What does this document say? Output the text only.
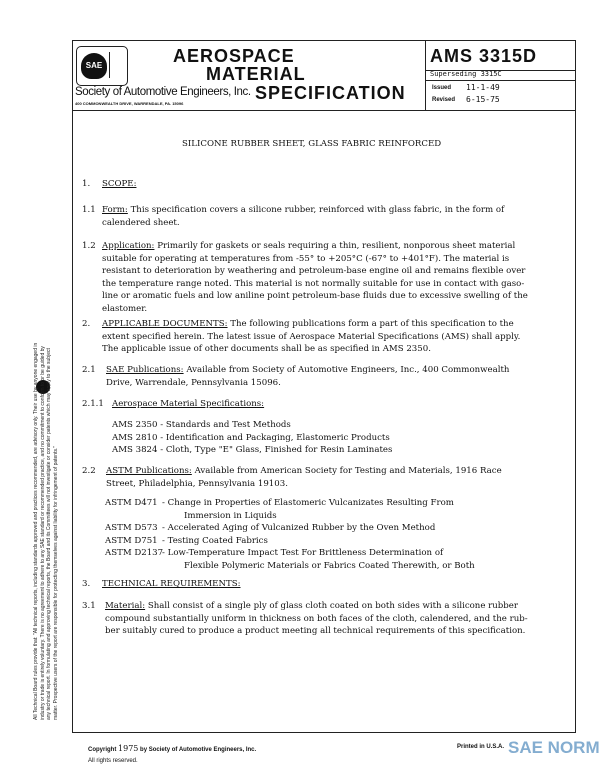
SAE	AEROSPACE
MATERIAL
SPECIFICATION
Society of Automotive Engineers, Inc.
400 COMMONWEALTH DRIVE, WARRENDALE, PA. 15096
AMS 3315D
Superseding 3315C
Issued 11-1-49
Revised 6-15-75
SILICONE RUBBER SHEET, GLASS FABRIC REINFORCED
1. SCOPE:
1.1 Form: This specification covers a silicone rubber, reinforced with glass fabric, in the form of
calendered sheet.
1.2 Application: Primarily for gaskets or seals requiring a thin, resilient, nonporous sheet material
suitable for operating at temperatures from -55° to +205°C (-67° to +401°F). The material is
resistant to deterioration by weathering and petroleum-base engine oil and remains flexible over
the temperature range noted. This material is not normally suitable for use in contact with gaso-
line or aromatic fuels and low aniline point petroleum-base fluids due to excessive swelling of the
elastomer.
2. APPLICABLE DOCUMENTS: The following publications form a part of this specification to the
extent specified herein. The latest issue of Aerospace Material Specifications (AMS) shall apply.
The applicable issue of other documents shall be as specified in AMS 2350.
2.1 SAE Publications: Available from Society of Automotive Engineers, Inc., 400 Commonwealth
Drive, Warrendale, Pennsylvania 15096.
2.1.1 Aerospace Material Specifications:
AMS 2350 - Standards and Test Methods
AMS 2810 - Identification and Packaging, Elastomeric Products
AMS 3824 - Cloth, Type "E" Glass, Finished for Resin Laminates
2.2 ASTM Publications: Available from American Society for Testing and Materials, 1916 Race
Street, Philadelphia, Pennsylvania 19103.
ASTM D471 - Change in Properties of Elastomeric Vulcanizates Resulting From
Immersion in Liquids
ASTM D573 - Accelerated Aging of Vulcanized Rubber by the Oven Method
ASTM D751 - Testing Coated Fabrics
ASTM D2137
- Low-Temperature Impact Test For Brittleness Determination of
Flexible Polymeric Materials or Fabrics Coated Therewith, or Both
3. TECHNICAL REQUIREMENTS:
3.1 Material: Shall consist of a single ply of glass cloth coated on both sides with a silicone rubber
compound substantially uniform in thickness on both faces of the cloth, calendered, and the rub-
ber suitably cured to produce a product meeting all technical requirements of this specification.
All Technical Board rules provide that: "All technical reports, including standards approved and practices recommended, are advisory only. Their use by anyone engaged in industry or trade is entirely voluntary. There is no agreement to adhere to any SAE standard or recommended practice, and no commitment to conform to or be guided by any technical report. In formulating and approving technical reports, the Board and its Committees will not investigate or consider patents which may apply to the subject matter. Prospective users of the report are responsible for protecting themselves against liability for infringement of patents."
Copyright 1975 by Society of Automotive Engineers, Inc.
All rights reserved.
Printed in U.S.A. SAE NORM
